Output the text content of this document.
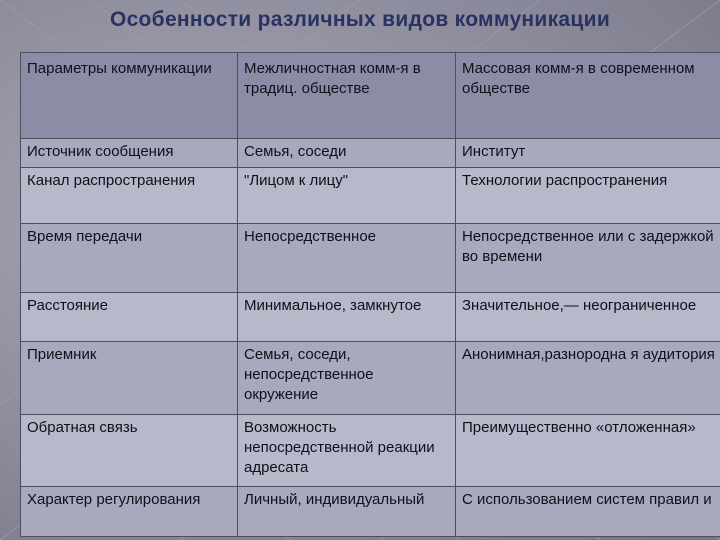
Особенности различных видов коммуникации
Параметры коммуникации	Межличностная комм-я в традиц. обществе	Массовая комм-я в современном обществе
Источник сообщения	Семья, соседи	Институт
Канал распространения	"Лицом к лицу"	Технологии распространения
Время передачи	Непосредственное	Непосредственное или с задержкой во времени
Расстояние	Минимальное, замкнутое	Значительное,— неограниченное
Приемник	Семья, соседи, непосредственное окружение	Анонимная,разнородна я аудитория
Обратная связь	Возможность непосредственной реакции адресата	Преимущественно «отложенная»
Характер регулирования	Личный, индивидуальный	С использованием систем правил и
